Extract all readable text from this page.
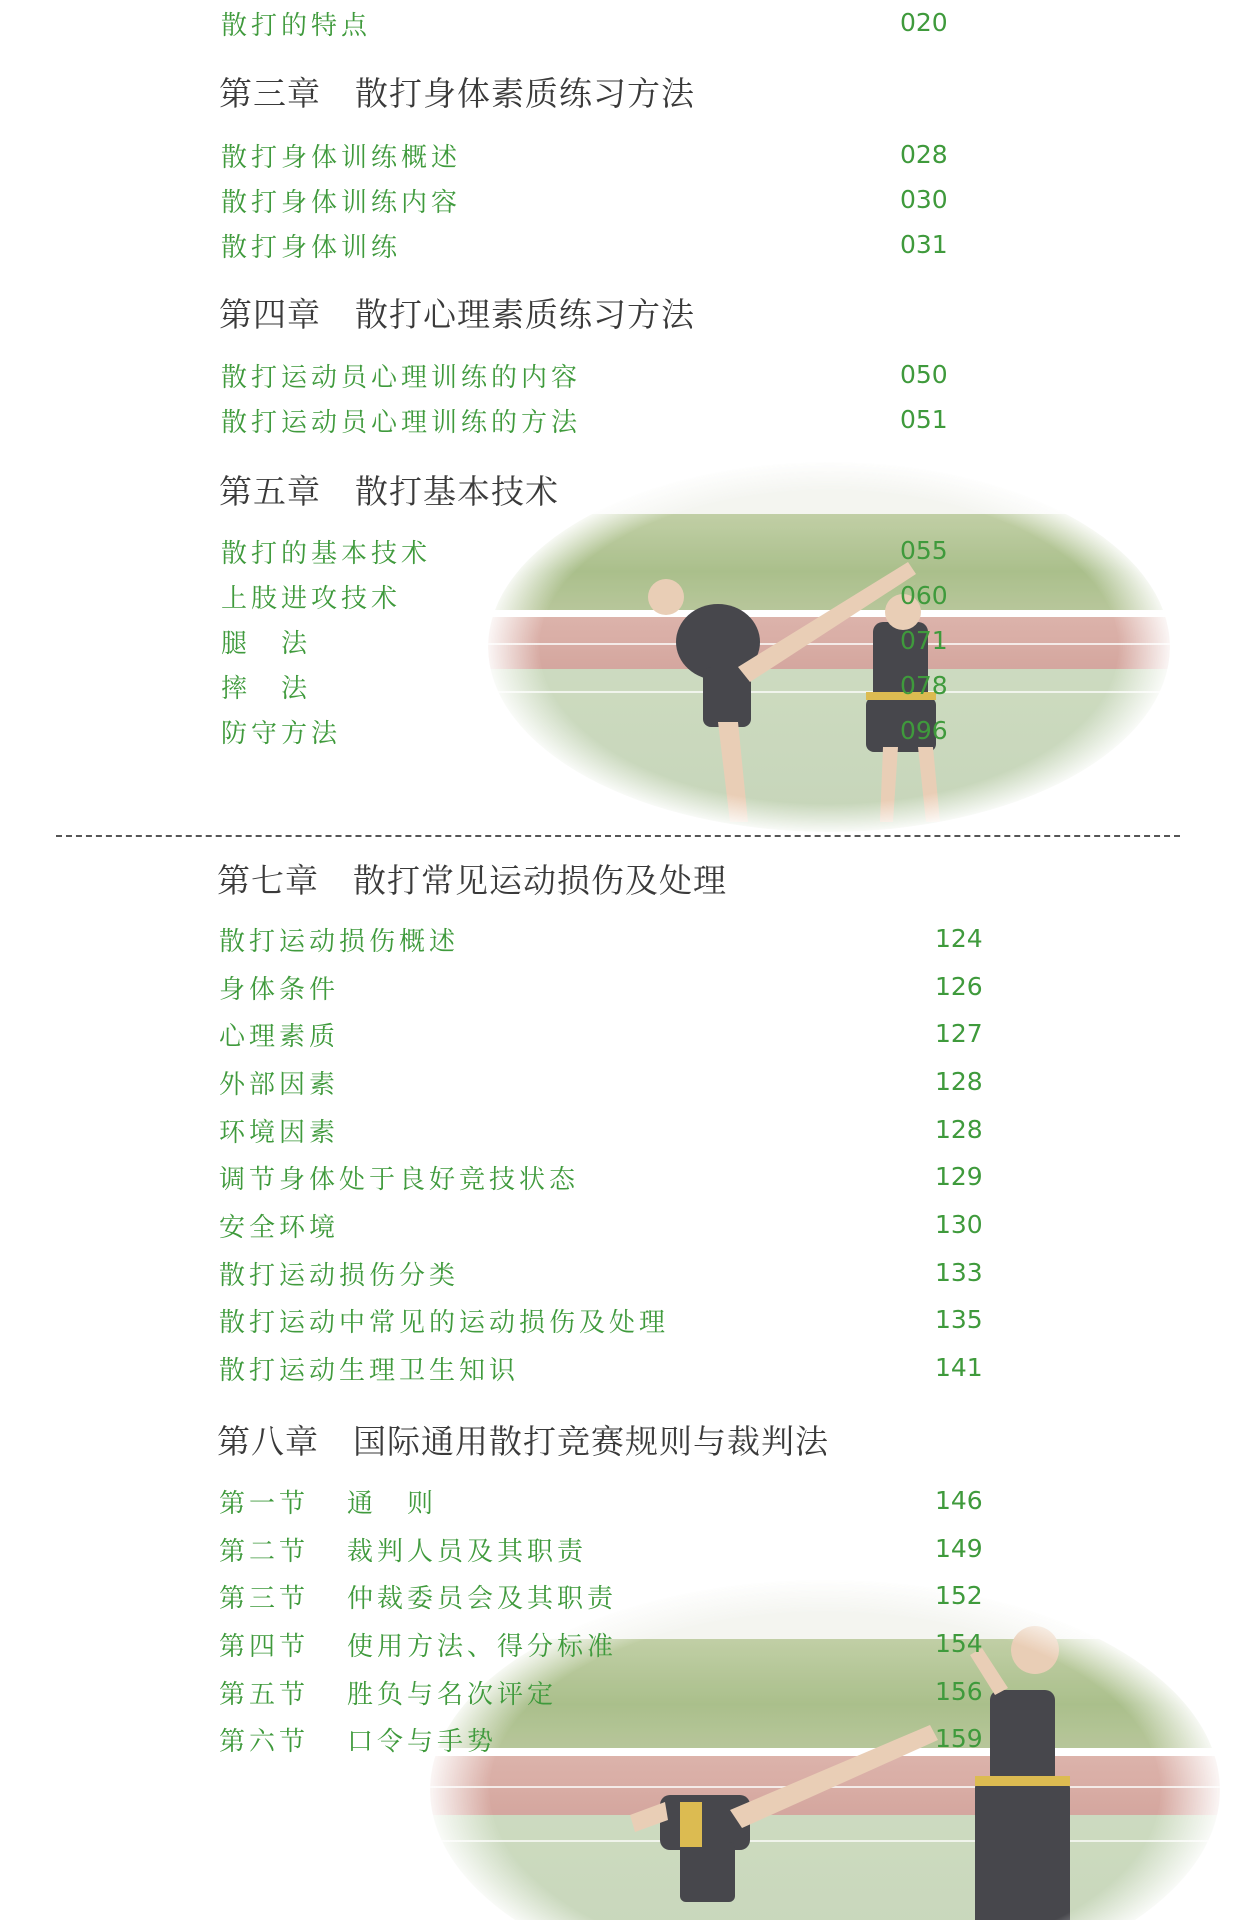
散打的特点	020
第三章 散打身体素质练习方法
散打身体训练概述	028
散打身体训练内容	030
散打身体训练	031
第四章 散打心理素质练习方法
散打运动员心理训练的内容	050
散打运动员心理训练的方法	051
第五章 散打基本技术
散打的基本技术	055
上肢进攻技术	060
腿　法	071
摔　法	078
防守方法	096
第七章 散打常见运动损伤及处理
散打运动损伤概述	124
身体条件	126
心理素质	127
外部因素	128
环境因素	128
调节身体处于良好竞技状态	129
安全环境	130
散打运动损伤分类	133
散打运动中常见的运动损伤及处理	135
散打运动生理卫生知识	141
第八章 国际通用散打竞赛规则与裁判法
第一节 通　则	146
第二节 裁判人员及其职责	149
第三节 仲裁委员会及其职责	152
第四节 使用方法、得分标准	154
第五节 胜负与名次评定	156
第六节 口令与手势	159
